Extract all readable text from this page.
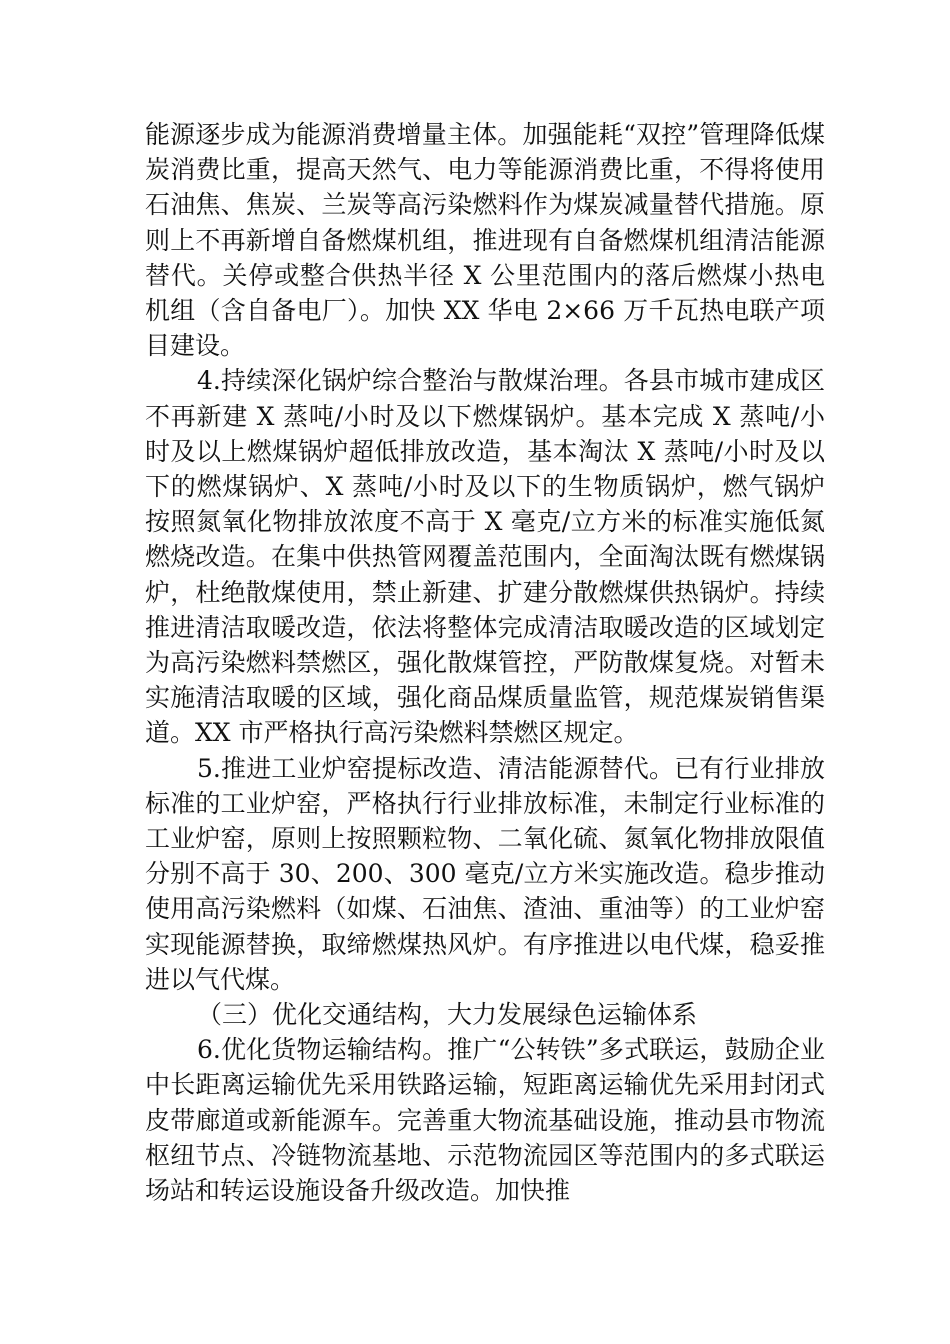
能源逐步成为能源消费增量主体。加强能耗“双控”管理降低煤炭消费比重，提高天然气、电力等能源消费比重，不得将使用石油焦、焦炭、兰炭等高污染燃料作为煤炭减量替代措施。原则上不再新增自备燃煤机组，推进现有自备燃煤机组清洁能源替代。关停或整合供热半径 X 公里范围内的落后燃煤小热电机组（含自备电厂）。加快 XX 华电 2×66 万千瓦热电联产项目建设。

4.持续深化锅炉综合整治与散煤治理。各县市城市建成区不再新建 X 蒸吨/小时及以下燃煤锅炉。基本完成 X 蒸吨/小时及以上燃煤锅炉超低排放改造，基本淘汰 X 蒸吨/小时及以下的燃煤锅炉、X 蒸吨/小时及以下的生物质锅炉，燃气锅炉按照氮氧化物排放浓度不高于 X 毫克/立方米的标准实施低氮燃烧改造。在集中供热管网覆盖范围内，全面淘汰既有燃煤锅炉，杜绝散煤使用，禁止新建、扩建分散燃煤供热锅炉。持续推进清洁取暖改造，依法将整体完成清洁取暖改造的区域划定为高污染燃料禁燃区，强化散煤管控，严防散煤复烧。对暂未实施清洁取暖的区域，强化商品煤质量监管，规范煤炭销售渠道。XX 市严格执行高污染燃料禁燃区规定。

5.推进工业炉窑提标改造、清洁能源替代。已有行业排放标准的工业炉窑，严格执行行业排放标准，未制定行业标准的工业炉窑，原则上按照颗粒物、二氧化硫、氮氧化物排放限值分别不高于 30、200、300 毫克/立方米实施改造。稳步推动使用高污染燃料（如煤、石油焦、渣油、重油等）的工业炉窑实现能源替换，取缔燃煤热风炉。有序推进以电代煤，稳妥推进以气代煤。

（三）优化交通结构，大力发展绿色运输体系

6.优化货物运输结构。推广“公转铁”多式联运，鼓励企业中长距离运输优先采用铁路运输，短距离运输优先采用封闭式皮带廊道或新能源车。完善重大物流基础设施，推动县市物流枢纽节点、冷链物流基地、示范物流园区等范围内的多式联运场站和转运设施设备升级改造。加快推
